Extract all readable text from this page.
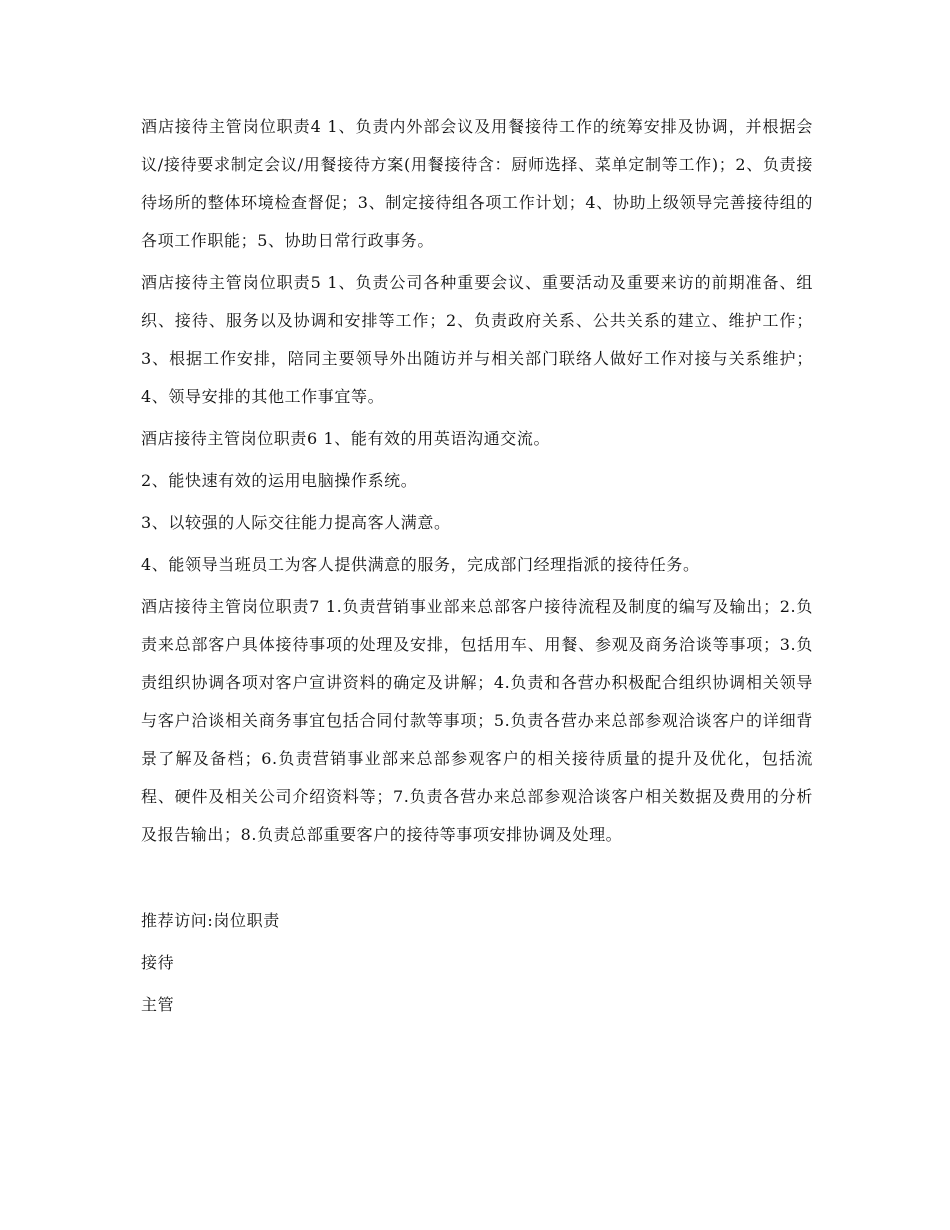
酒店接待主管岗位职责4 1、负责内外部会议及用餐接待工作的统筹安排及协调，并根据会议/接待要求制定会议/用餐接待方案(用餐接待含：厨师选择、菜单定制等工作)；2、负责接待场所的整体环境检查督促；3、制定接待组各项工作计划；4、协助上级领导完善接待组的各项工作职能；5、协助日常行政事务。

酒店接待主管岗位职责5 1、负责公司各种重要会议、重要活动及重要来访的前期准备、组织、接待、服务以及协调和安排等工作；2、负责政府关系、公共关系的建立、维护工作；3、根据工作安排，陪同主要领导外出随访并与相关部门联络人做好工作对接与关系维护；4、领导安排的其他工作事宜等。

酒店接待主管岗位职责6 1、能有效的用英语沟通交流。

2、能快速有效的运用电脑操作系统。

3、以较强的人际交往能力提高客人满意。

4、能领导当班员工为客人提供满意的服务，完成部门经理指派的接待任务。

酒店接待主管岗位职责7 1.负责营销事业部来总部客户接待流程及制度的编写及输出；2.负责来总部客户具体接待事项的处理及安排，包括用车、用餐、参观及商务洽谈等事项；3.负责组织协调各项对客户宣讲资料的确定及讲解；4.负责和各营办积极配合组织协调相关领导与客户洽谈相关商务事宜包括合同付款等事项；5.负责各营办来总部参观洽谈客户的详细背景了解及备档；6.负责营销事业部来总部参观客户的相关接待质量的提升及优化，包括流程、硬件及相关公司介绍资料等；7.负责各营办来总部参观洽谈客户相关数据及费用的分析及报告输出；8.负责总部重要客户的接待等事项安排协调及处理。

推荐访问:岗位职责

接待

主管
